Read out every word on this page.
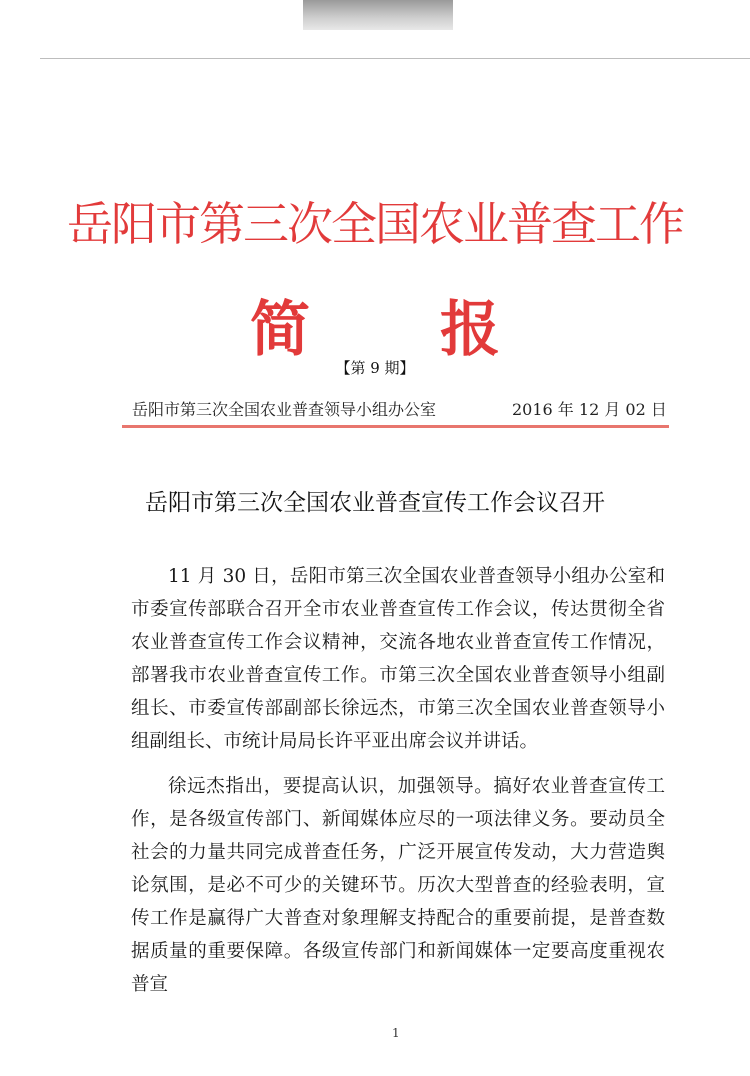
岳阳市第三次全国农业普查工作
简 报
【第 9 期】
岳阳市第三次全国农业普查领导小组办公室	2016 年 12 月 02 日
岳阳市第三次全国农业普查宣传工作会议召开

11 月 30 日，岳阳市第三次全国农业普查领导小组办公室和市委宣传部联合召开全市农业普查宣传工作会议，传达贯彻全省农业普查宣传工作会议精神，交流各地农业普查宣传工作情况，部署我市农业普查宣传工作。市第三次全国农业普查领导小组副组长、市委宣传部副部长徐远杰，市第三次全国农业普查领导小组副组长、市统计局局长许平亚出席会议并讲话。

徐远杰指出，要提高认识，加强领导。搞好农业普查宣传工作，是各级宣传部门、新闻媒体应尽的一项法律义务。要动员全社会的力量共同完成普查任务，广泛开展宣传发动，大力营造舆论氛围，是必不可少的关键环节。历次大型普查的经验表明，宣传工作是赢得广大普查对象理解支持配合的重要前提，是普查数据质量的重要保障。各级宣传部门和新闻媒体一定要高度重视农普宣

1
